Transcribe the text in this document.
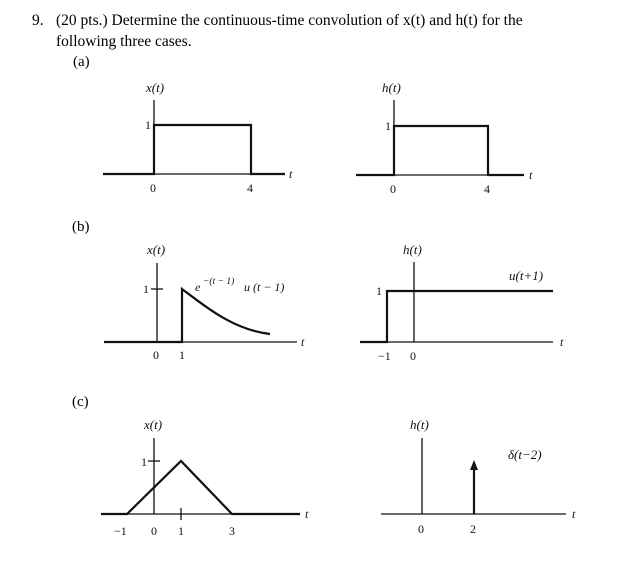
9. (20 pts.) Determine the continuous-time convolution of x(t) and h(t) for the
following three cases.
(a)
(b)
(c)
x(t)
1
0	4
t
h(t)
1
0	4
t
x(t)
1
0 1
t
e −(t − 1) u (t − 1)
h(t)
1
−1 0
t
u(t+1)
x(t)
1
−1 0 1	3
t
h(t)
0	2
t
δ(t−2)
